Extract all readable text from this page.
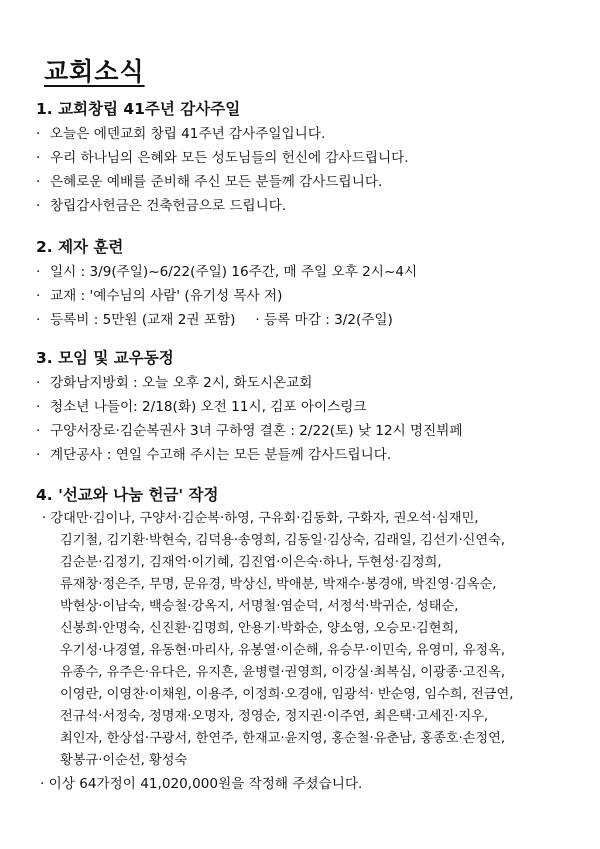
교회소식
1. 교회창립 41주년 감사주일
· 오늘은 에덴교회 창립 41주년 감사주일입니다.
· 우리 하나님의 은혜와 모든 성도님들의 헌신에 감사드립니다.
· 은혜로운 예배를 준비해 주신 모든 분들께 감사드립니다.
· 창립감사헌금은 건축헌금으로 드립니다.
2. 제자 훈련
· 일시 : 3/9(주일)~6/22(주일) 16주간, 매 주일 오후 2시~4시
· 교재 : '예수님의 사람' (유기성 목사 저)
· 등록비 : 5만원 (교재 2권 포함) · 등록 마감 : 3/2(주일)
3. 모임 및 교우동정
· 강화남지방회 : 오늘 오후 2시, 화도시온교회
· 청소년 나들이: 2/18(화) 오전 11시, 김포 아이스링크
· 구양서장로·김순복권사 3녀 구하영 결혼 : 2/22(토) 낮 12시 명진뷔페
· 계단공사 : 연일 수고해 주시는 모든 분들께 감사드립니다.
4. '선교와 나눔 헌금' 작정
· 강대만·김이나, 구양서·김순복·하영, 구유회·김동화, 구화자, 권오석·심재민,
김기철, 김기환·박현숙, 김덕용·송영희, 김동일·김상숙, 김래일, 김선기·신연숙,
김순분·김정기, 김재억·이기혜, 김진엽·이은숙·하나, 두현성·김정희,
류재창·정은주, 무명, 문유경, 박상신, 박애분, 박재수·봉경애, 박진영·김옥순,
박현상·이남숙, 백승철·강옥지, 서명철·염순덕, 서정석·박귀순, 성태순,
신봉희·안명숙, 신진환·김명희, 안용기·박화순, 양소영, 오승모·김현희,
우기성·나경열, 유동현·마리사, 유봉열·이순해, 유승무·이민숙, 유영미, 유정옥,
유종수, 유주은·유다은, 유지흔, 윤병렬·권영희, 이강실·최복심, 이광종·고진옥,
이영란, 이영찬·이채원, 이용주, 이정희·오경애, 임광석· 반순영, 임수희, 전금연,
전규석·서정숙, 정명재·오명자, 정영순, 정지권·이주연, 최은택·고세진·지우,
최인자, 한상섭·구광서, 한연주, 한재교·윤지영, 홍순철·유춘남, 홍종호·손정연,
황봉규·이순선, 황성숙
· 이상 64가정이 41,020,000원을 작정해 주셨습니다.
